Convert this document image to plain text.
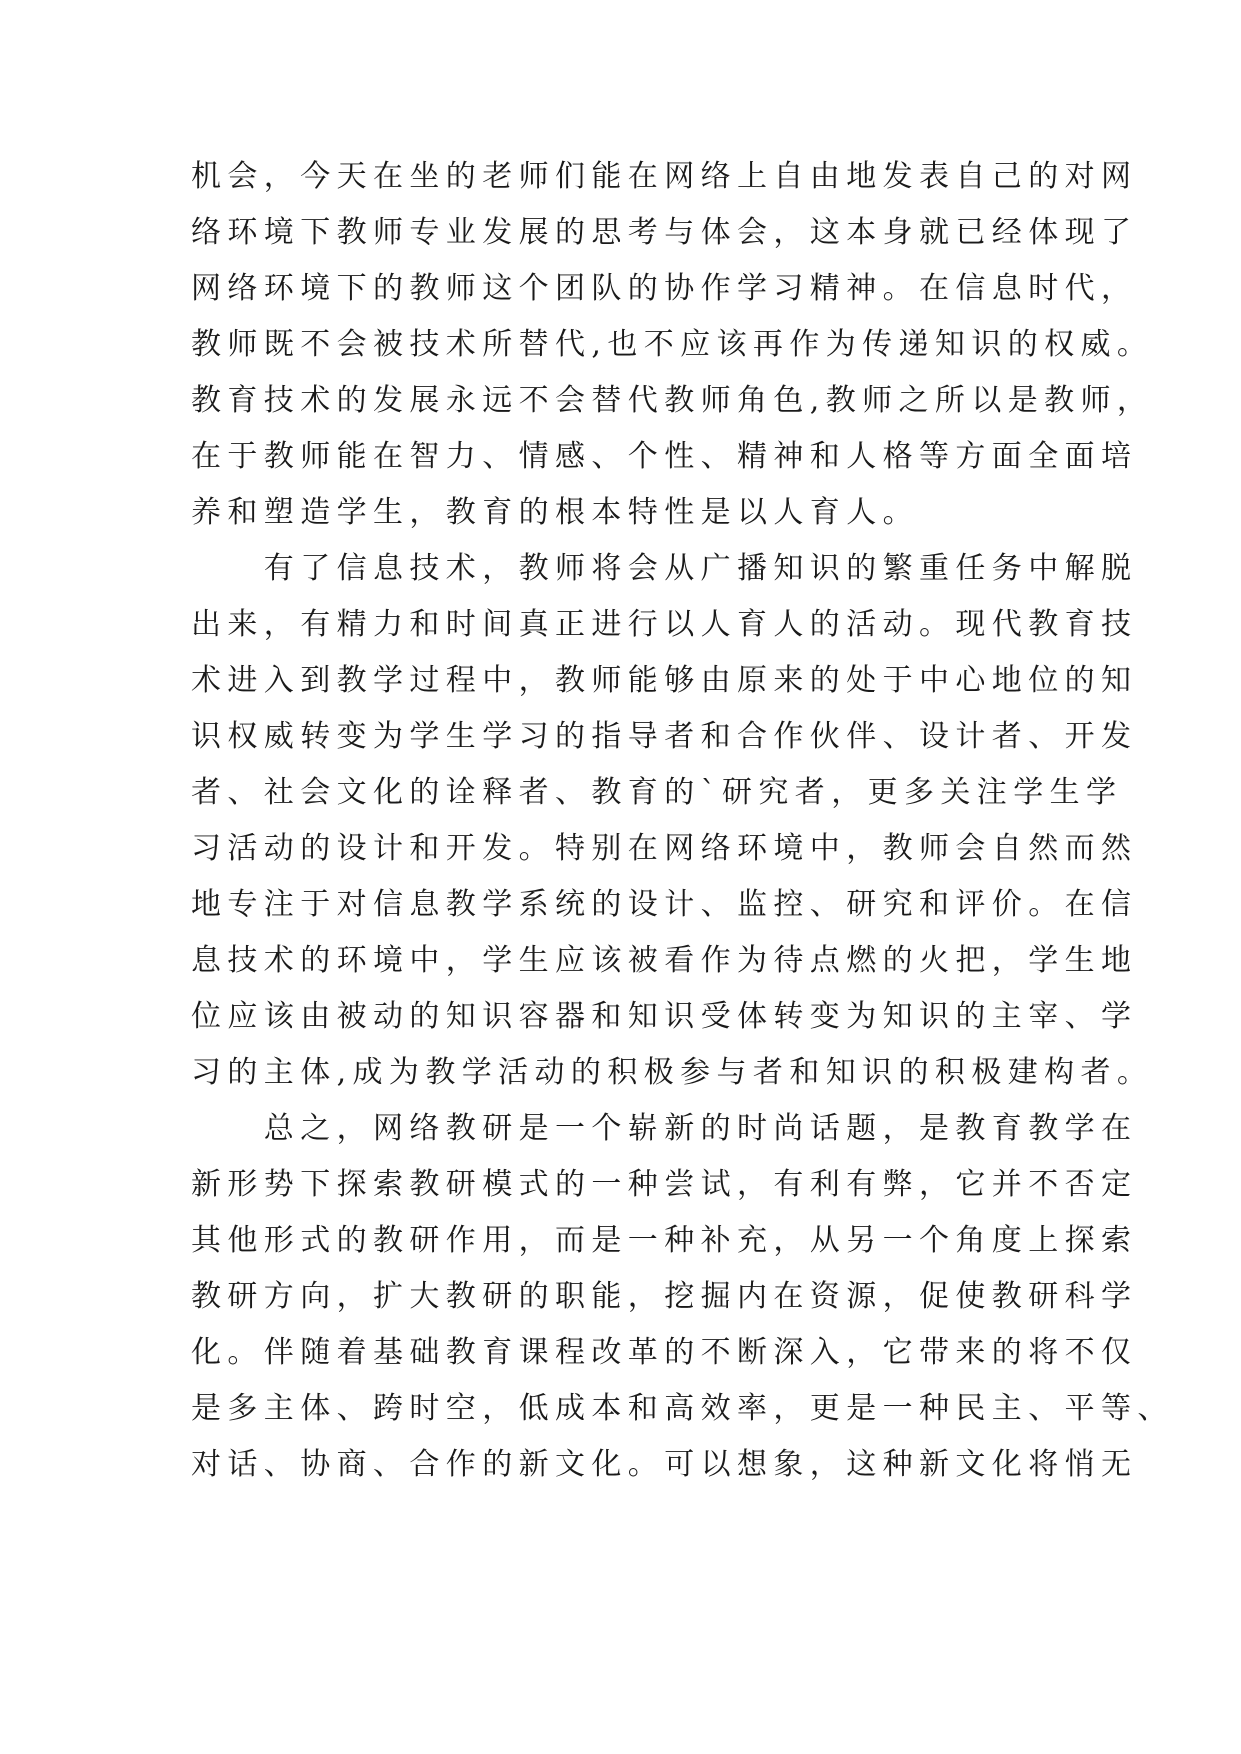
机会，今天在坐的老师们能在网络上自由地发表自己的对网
络环境下教师专业发展的思考与体会，这本身就已经体现了
网络环境下的教师这个团队的协作学习精神。在信息时代，
教师既不会被技术所替代,也不应该再作为传递知识的权威。
教育技术的发展永远不会替代教师角色,教师之所以是教师，
在于教师能在智力、情感、个性、精神和人格等方面全面培
养和塑造学生，教育的根本特性是以人育人。
　　有了信息技术，教师将会从广播知识的繁重任务中解脱
出来，有精力和时间真正进行以人育人的活动。现代教育技
术进入到教学过程中，教师能够由原来的处于中心地位的知
识权威转变为学生学习的指导者和合作伙伴、设计者、开发
者、社会文化的诠释者、教育的`研究者，更多关注学生学
习活动的设计和开发。特别在网络环境中，教师会自然而然
地专注于对信息教学系统的设计、监控、研究和评价。在信
息技术的环境中，学生应该被看作为待点燃的火把，学生地
位应该由被动的知识容器和知识受体转变为知识的主宰、学
习的主体,成为教学活动的积极参与者和知识的积极建构者。
　　总之，网络教研是一个崭新的时尚话题，是教育教学在
新形势下探索教研模式的一种尝试，有利有弊，它并不否定
其他形式的教研作用，而是一种补充，从另一个角度上探索
教研方向，扩大教研的职能，挖掘内在资源，促使教研科学
化。伴随着基础教育课程改革的不断深入，它带来的将不仅
是多主体、跨时空，低成本和高效率，更是一种民主、平等、
对话、协商、合作的新文化。可以想象，这种新文化将悄无
